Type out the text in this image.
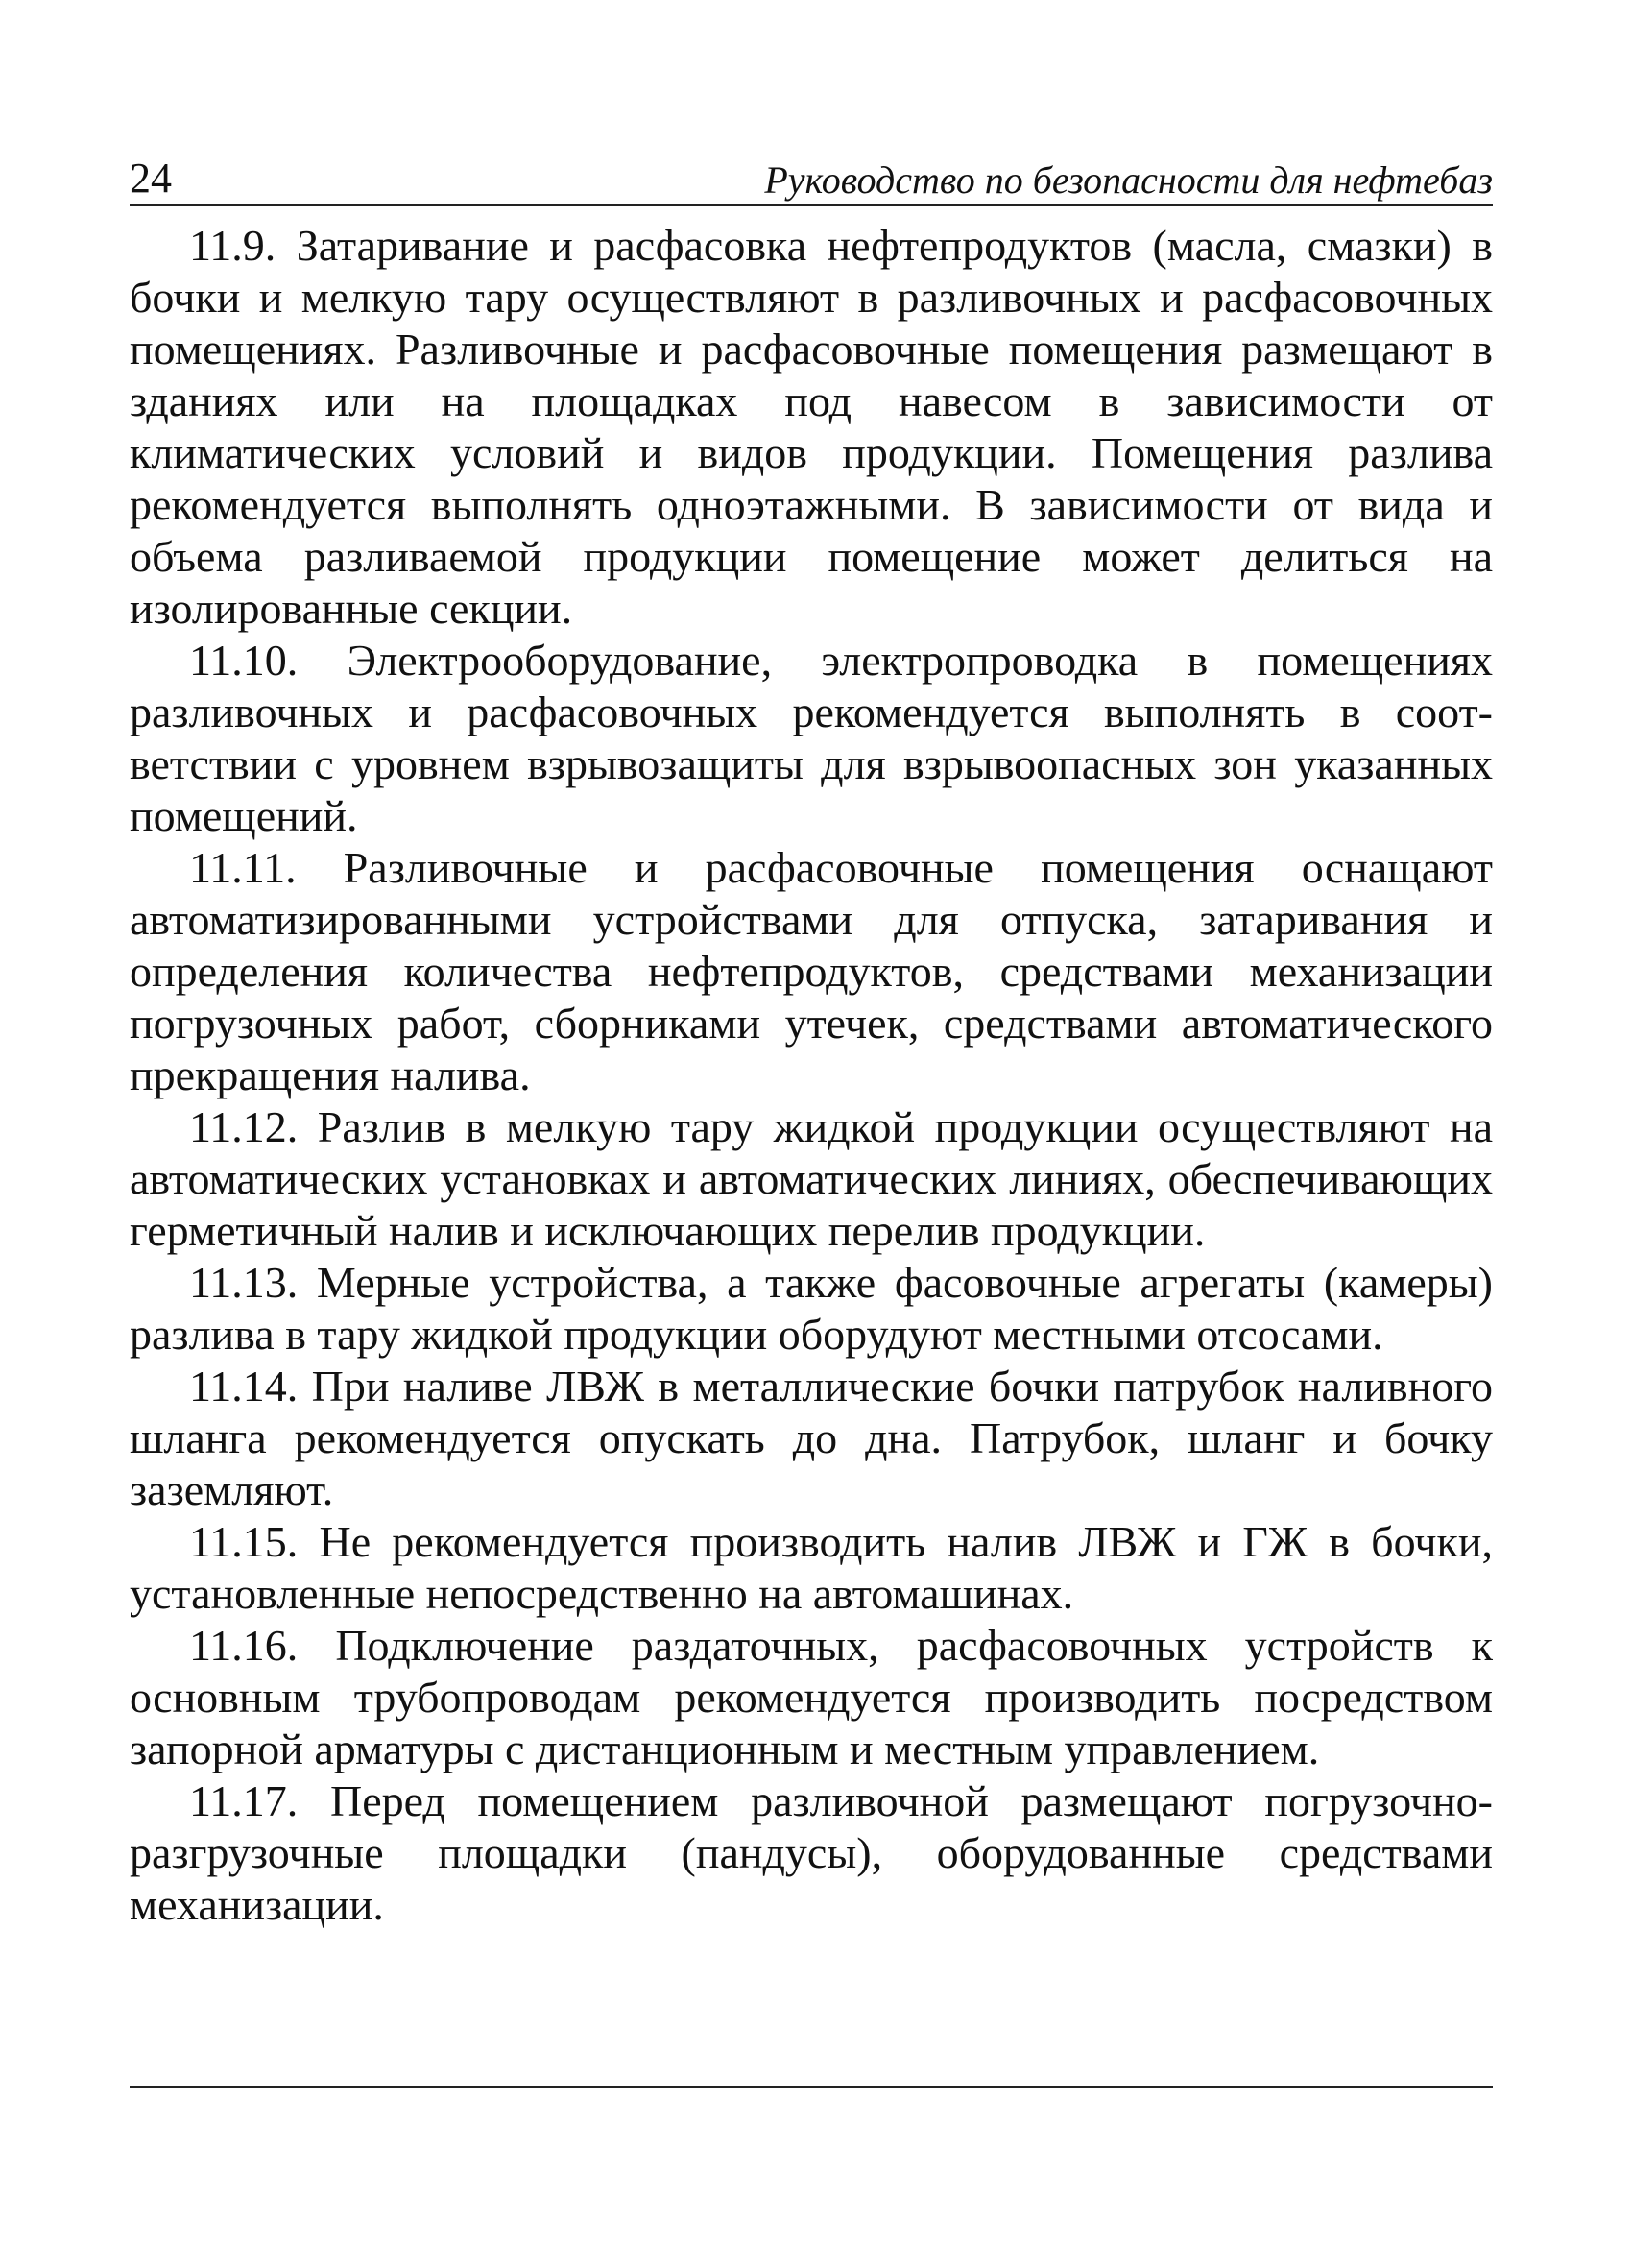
24	Руководство по безопасности для нефтебаз

11.9. Затаривание и расфасовка нефтепродуктов (масла, смазки) в бочки и мелкую тару осуществляют в разливочных и расфасовочных помещениях. Разливочные и расфасовочные помещения размещают в зданиях или на площадках под навесом в зависимости от климатических условий и видов продукции. Помещения разлива рекомендуется выполнять одноэтажными. В зависимости от вида и объема разливаемой продукции помещение может делиться на изолированные секции.

11.10. Электрооборудование, электропроводка в помещениях разливочных и расфасовочных рекомендуется выполнять в соответствии с уровнем взрывозащиты для взрывоопасных зон указанных помещений.

11.11. Разливочные и расфасовочные помещения оснащают автоматизированными устройствами для отпуска, затаривания и определения количества нефтепродуктов, средствами механизации погрузочных работ, сборниками утечек, средствами автоматического прекращения налива.

11.12. Разлив в мелкую тару жидкой продукции осуществляют на автоматических установках и автоматических линиях, обеспечивающих герметичный налив и исключающих перелив продукции.

11.13. Мерные устройства, а также фасовочные агрегаты (камеры) разлива в тару жидкой продукции оборудуют местными отсосами.

11.14. При наливе ЛВЖ в металлические бочки патрубок наливного шланга рекомендуется опускать до дна. Патрубок, шланг и бочку заземляют.

11.15. Не рекомендуется производить налив ЛВЖ и ГЖ в бочки, установленные непосредственно на автомашинах.

11.16. Подключение раздаточных, расфасовочных устройств к основным трубопроводам рекомендуется производить посредством запорной арматуры с дистанционным и местным управлением.

11.17. Перед помещением разливочной размещают погрузочно-разгрузочные площадки (пандусы), оборудованные средствами механизации.
